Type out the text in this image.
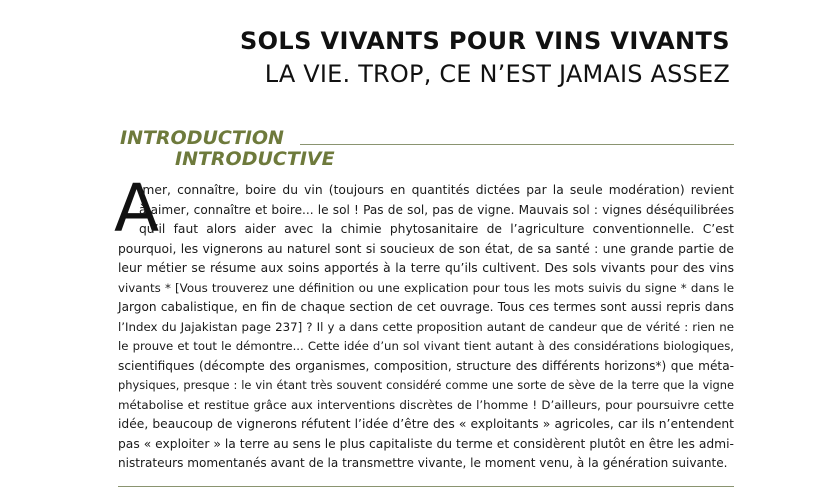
SOLS VIVANTS POUR VINS VIVANTS
LA VIE. TROP, CE N’EST JAMAIS ASSEZ
INTRODUCTION
INTRODUCTIVE
A
imer, connaître, boire du vin (toujours en quantités dictées par la seule modération) revient
à aimer, connaître et boire... le sol ! Pas de sol, pas de vigne. Mauvais sol : vignes déséquilibrées
qu’il faut alors aider avec la chimie phytosanitaire de l’agriculture conventionnelle. C’est
pourquoi, les vignerons au naturel sont si soucieux de son état, de sa santé : une grande partie de
leur métier se résume aux soins apportés à la terre qu’ils cultivent. Des sols vivants pour des vins
vivants * [Vous trouverez une définition ou une explication pour tous les mots suivis du signe * dans le
Jargon cabalistique, en fin de chaque section de cet ouvrage. Tous ces termes sont aussi repris dans
l’Index du Jajakistan page 237] ? Il y a dans cette proposition autant de candeur que de vérité : rien ne
le prouve et tout le démontre... Cette idée d’un sol vivant tient autant à des considérations biologiques,
scientifiques (décompte des organismes, composition, structure des différents horizons*) que méta-
physiques, presque : le vin étant très souvent considéré comme une sorte de sève de la terre que la vigne
métabolise et restitue grâce aux interventions discrètes de l’homme ! D’ailleurs, pour poursuivre cette
idée, beaucoup de vignerons réfutent l’idée d’être des « exploitants » agricoles, car ils n’entendent
pas « exploiter » la terre au sens le plus capitaliste du terme et considèrent plutôt en être les admi-
nistrateurs momentanés avant de la transmettre vivante, le moment venu, à la génération suivante.
